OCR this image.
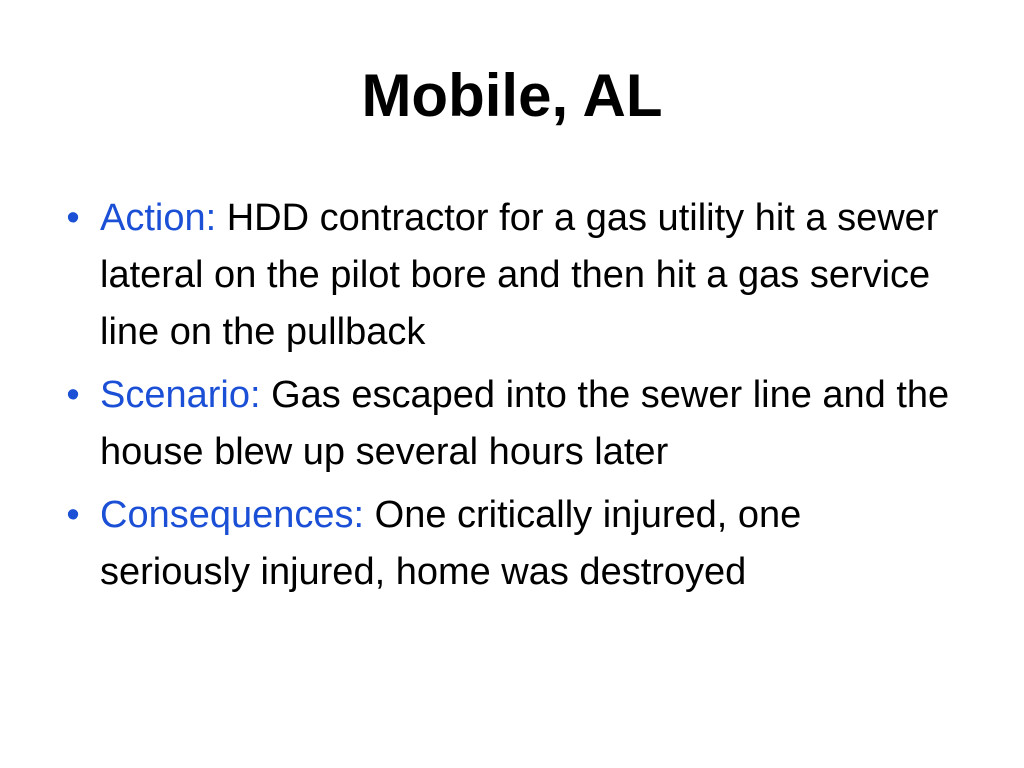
Mobile, AL
• Action: HDD contractor for a gas utility hit a sewer lateral on the pilot bore and then hit a gas service line on the pullback
• Scenario: Gas escaped into the sewer line and the house blew up several hours later
• Consequences: One critically injured, one seriously injured, home was destroyed
